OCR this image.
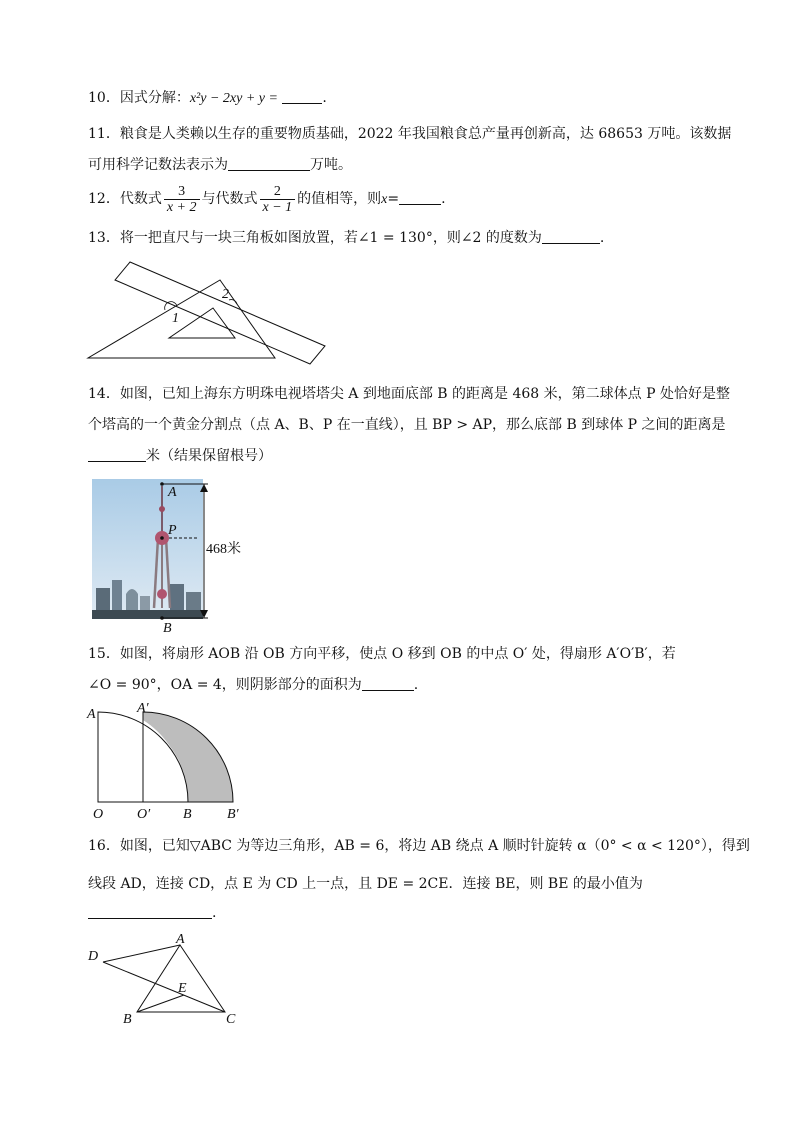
10．因式分解：x²y − 2xy + y =	.
11．粮食是人类赖以生存的重要物质基础，2022 年我国粮食总产量再创新高，达 68653 万吨。该数据
可用科学记数法表示为	万吨。
12．代数式 $\frac{3}{x + 2}$ 与代数式 $\frac{2}{x - 1}$ 的值相等，则x=	.
13．将一把直尺与一块三角板如图放置，若∠1 = 130°，则∠2 的度数为	.
1
2
14．如图，已知上海东方明珠电视塔塔尖 A 到地面底部 B 的距离是 468 米，第二球体点 P 处恰好是整
个塔高的一个黄金分割点（点 A、B、P 在一直线），且 BP > AP，那么底部 B 到球体 P 之间的距离是
米（结果保留根号）
A
P
B
468米
15．如图，将扇形 AOB 沿 OB 方向平移，使点 O 移到 OB 的中点 O′ 处，得扇形 A′O′B′，若
∠O = 90°，OA = 4，则阴影部分的面积为	.
A	A′
O O′ B	B′
16．如图，已知▽ABC 为等边三角形，AB = 6，将边 AB 绕点 A 顺时针旋转 α（0° < α < 120°），得到
线段 AD，连接 CD，点 E 为 CD 上一点，且 DE = 2CE．连接 BE，则 BE 的最小值为
.
A
D
E
B	C
